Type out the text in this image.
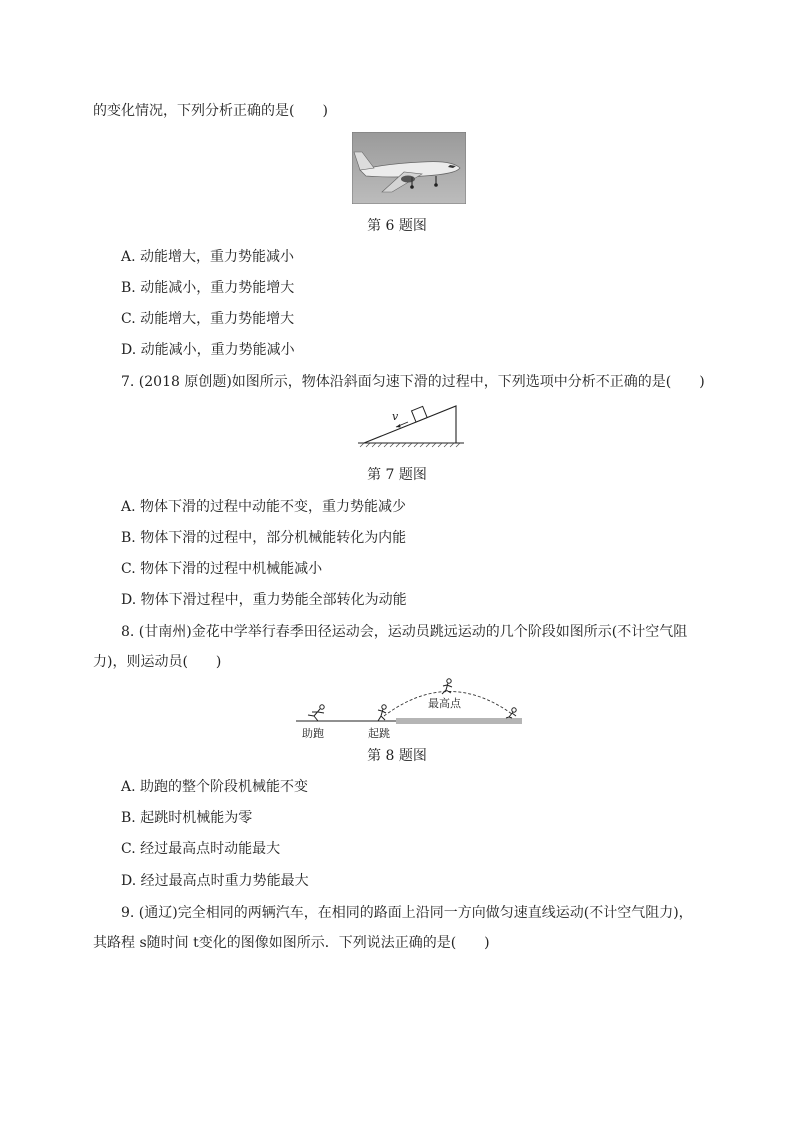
的变化情况，下列分析正确的是(　　)
第 6 题图
A. 动能增大，重力势能减小
B. 动能减小，重力势能增大
C. 动能增大，重力势能增大
D. 动能减小，重力势能减小
7. (2018 原创题)如图所示，物体沿斜面匀速下滑的过程中，下列选项中分析不正确的是(　　)
v
第 7 题图
A. 物体下滑的过程中动能不变，重力势能减少
B. 物体下滑的过程中，部分机械能转化为内能
C. 物体下滑的过程中机械能减小
D. 物体下滑过程中，重力势能全部转化为动能
8. (甘南州)金花中学举行春季田径运动会，运动员跳远运动的几个阶段如图所示(不计空气阻
力)，则运动员(　　)
最高点
助跑	起跳
第 8 题图
A. 助跑的整个阶段机械能不变
B. 起跳时机械能为零
C. 经过最高点时动能最大
D. 经过最高点时重力势能最大
9. (通辽)完全相同的两辆汽车，在相同的路面上沿同一方向做匀速直线运动(不计空气阻力)，
其路程 s随时间 t变化的图像如图所示．下列说法正确的是(　　)
